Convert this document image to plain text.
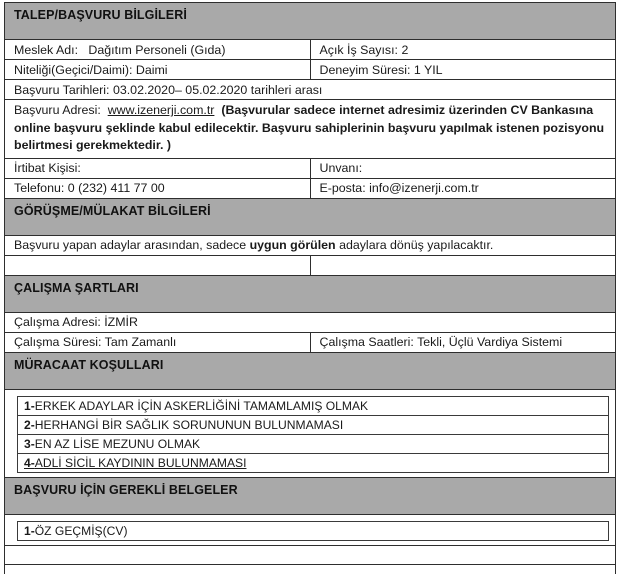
TALEP/BAŞVURU BİLGİLERİ

Meslek Adı: Dağıtım Personeli (Gıda)	Açık İş Sayısı: 2
Niteliği(Geçici/Daimi): Daimi	Deneyim Süresi: 1 YIL
Başvuru Tarihleri: 03.02.2020– 05.02.2020 tarihleri arası
Başvuru Adresi: www.izenerji.com.tr (Başvurular sadece internet adresimiz üzerinden CV Bankasına online başvuru şeklinde kabul edilecektir. Başvuru sahiplerinin başvuru yapılmak istenen pozisyonu belirtmesi gerekmektedir. )
İrtibat Kişisi:	Unvanı:
Telefonu: 0 (232) 411 77 00	E-posta: info@izenerji.com.tr

GÖRÜŞME/MÜLAKAT BİLGİLERİ

Başvuru yapan adaylar arasından, sadece uygun görülen adaylara dönüş yapılacaktır.

ÇALIŞMA ŞARTLARI

Çalışma Adresi: İZMİR
Çalışma Süresi: Tam Zamanlı	Çalışma Saatleri: Tekli, Üçlü Vardiya Sistemi

MÜRACAAT KOŞULLARI

1-ERKEK ADAYLAR İÇİN ASKERLİĞİNİ TAMAMLAMIŞ OLMAK
2-HERHANGİ BİR SAĞLIK SORUNUNUN BULUNMAMASI
3-EN AZ LİSE MEZUNU OLMAK
4-ADLİ SİCİL KAYDININ BULUNMAMASI

BAŞVURU İÇİN GEREKLİ BELGELER

1-ÖZ GEÇMİŞ(CV)
